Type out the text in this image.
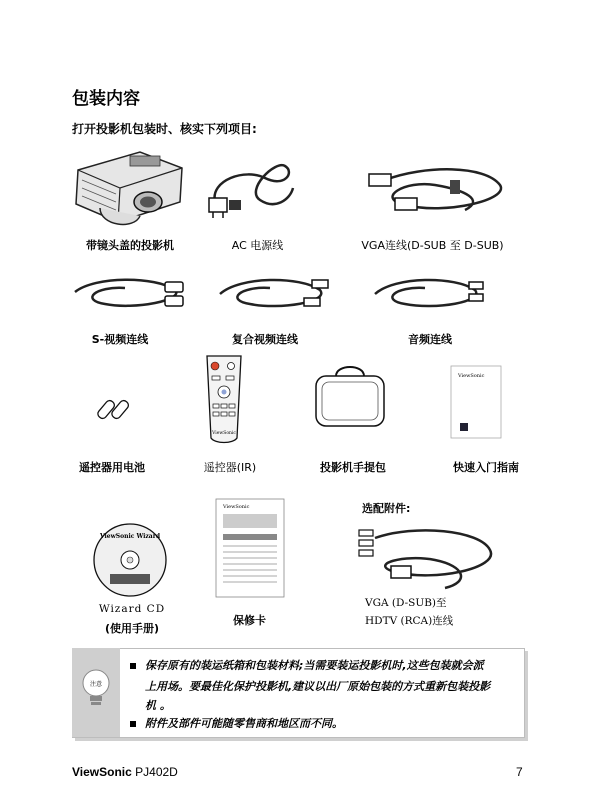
包装内容
打开投影机包装时、核实下列项目:
带镜头盖的投影机	AC 电源线	VGA连线(D-SUB 至 D-SUB)
S-视频连线	复合视频连线	音频连线
ViewSonic
ViewSonic
遥控器用电池	遥控器(IR)	投影机手提包	快速入门指南
选配附件:
ViewSonic Wizard
ViewSonic
Wizard CD
(使用手册)
保修卡
VGA (D-SUB)至
HDTV (RCA)连线
注意
保存原有的装运纸箱和包装材料;当需要装运投影机时,这些包装就会派
上用场。要最佳化保护投影机,建议以出厂原始包装的方式重新包装投影
机 。
附件及部件可能随零售商和地区而不同。
ViewSonic PJ402D	7
